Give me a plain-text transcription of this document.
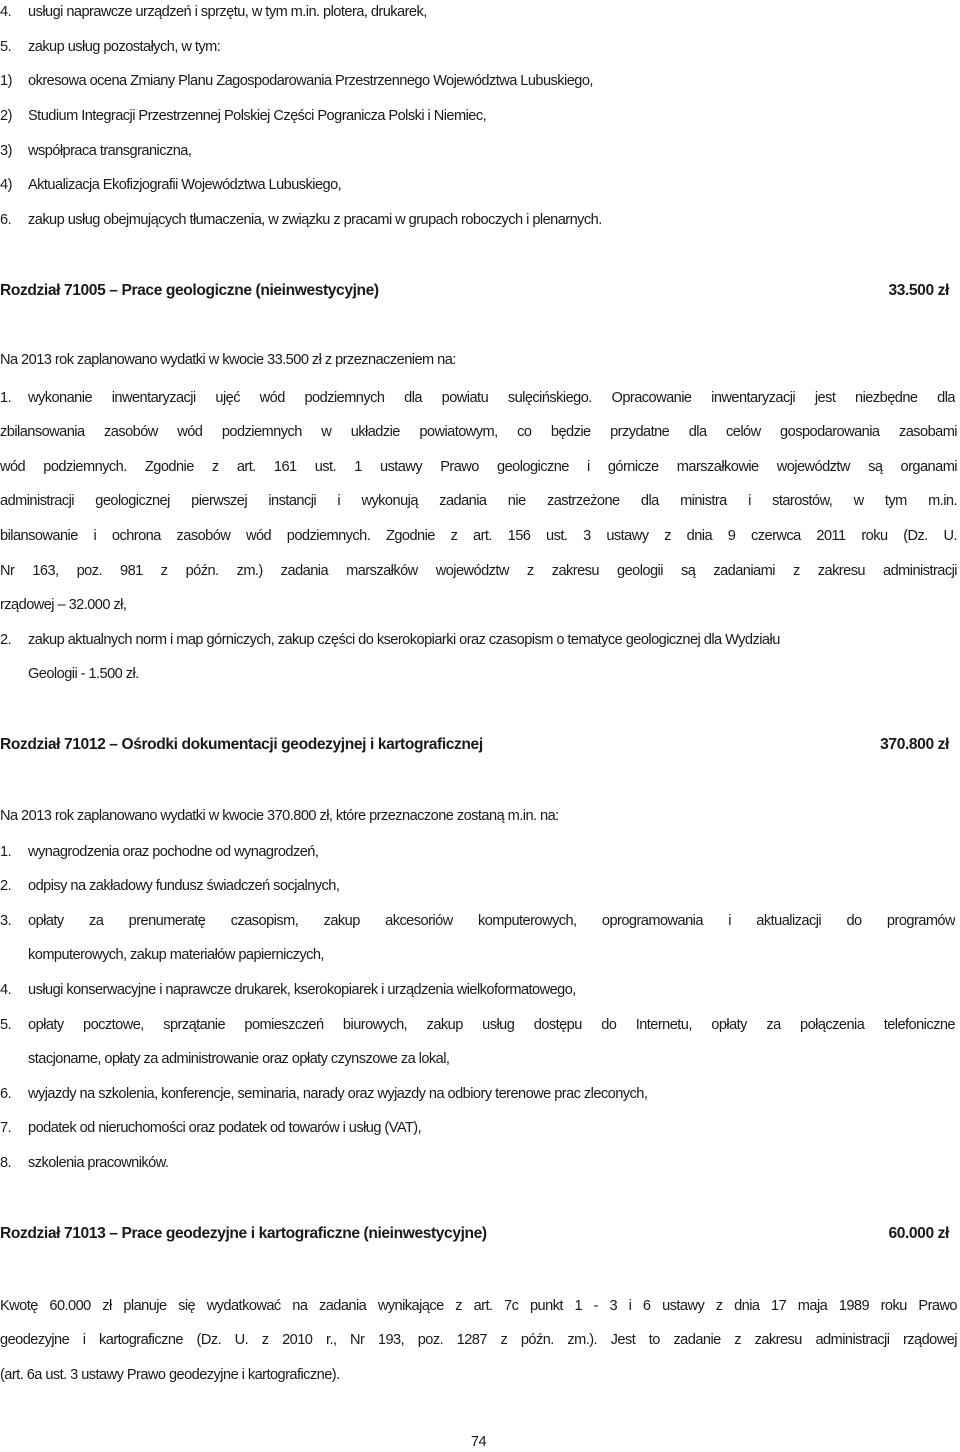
4. usługi naprawcze urządzeń i sprzętu, w tym m.in. plotera, drukarek,
5. zakup usług pozostałych, w tym:
1) okresowa ocena Zmiany Planu Zagospodarowania Przestrzennego Województwa Lubuskiego,
2) Studium Integracji Przestrzennej Polskiej Części Pogranicza Polski i Niemiec,
3) współpraca transgraniczna,
4) Aktualizacja Ekofizjografii Województwa Lubuskiego,
6. zakup usług obejmujących tłumaczenia, w związku z pracami w grupach roboczych i plenarnych.
Rozdział 71005 – Prace geologiczne (nieinwestycyjne)	33.500 zł
Na 2013 rok zaplanowano wydatki w kwocie 33.500 zł z przeznaczeniem na:
1.	wykonanie inwentaryzacji ujęć wód podziemnych dla powiatu sulęcińskiego. Opracowanie inwentaryzacji jest niezbędne dla
zbilansowania zasobów wód podziemnych w układzie powiatowym, co będzie przydatne dla celów gospodarowania zasobami
wód podziemnych. Zgodnie z art. 161 ust. 1 ustawy Prawo geologiczne i górnicze marszałkowie województw są organami
administracji geologicznej pierwszej instancji i wykonują zadania nie zastrzeżone dla ministra i starostów, w tym m.in.
bilansowanie i ochrona zasobów wód podziemnych. Zgodnie z art. 156 ust. 3 ustawy z dnia 9 czerwca 2011 roku (Dz. U.
Nr 163, poz. 981 z późn. zm.) zadania marszałków województw z zakresu geologii są zadaniami z zakresu administracji
rządowej – 32.000 zł,
2. zakup aktualnych norm i map górniczych, zakup części do kserokopiarki oraz czasopism o tematyce geologicznej dla Wydziału
Geologii - 1.500 zł.
Rozdział 71012 – Ośrodki dokumentacji geodezyjnej i kartograficznej	370.800 zł
Na 2013 rok zaplanowano wydatki w kwocie 370.800 zł, które przeznaczone zostaną m.in. na:
1. wynagrodzenia oraz pochodne od wynagrodzeń,
2. odpisy na zakładowy fundusz świadczeń socjalnych,
3.	opłaty za prenumeratę czasopism, zakup akcesoriów komputerowych, oprogramowania i aktualizacji do programów
komputerowych, zakup materiałów papierniczych,
4. usługi konserwacyjne i naprawcze drukarek, kserokopiarek i urządzenia wielkoformatowego,
5.	opłaty pocztowe, sprzątanie pomieszczeń biurowych, zakup usług dostępu do Internetu, opłaty za połączenia telefoniczne
stacjonarne, opłaty za administrowanie oraz opłaty czynszowe za lokal,
6. wyjazdy na szkolenia, konferencje, seminaria, narady oraz wyjazdy na odbiory terenowe prac zleconych,
7. podatek od nieruchomości oraz podatek od towarów i usług (VAT),
8. szkolenia pracowników.
Rozdział 71013 – Prace geodezyjne i kartograficzne (nieinwestycyjne)	60.000 zł
Kwotę 60.000 zł planuje się wydatkować na zadania wynikające z art. 7c punkt 1 - 3 i 6 ustawy z dnia 17 maja 1989 roku Prawo
geodezyjne i kartograficzne (Dz. U. z 2010 r., Nr 193, poz. 1287 z późn. zm.). Jest to zadanie z zakresu administracji rządowej
(art. 6a ust. 3 ustawy Prawo geodezyjne i kartograficzne).
74
